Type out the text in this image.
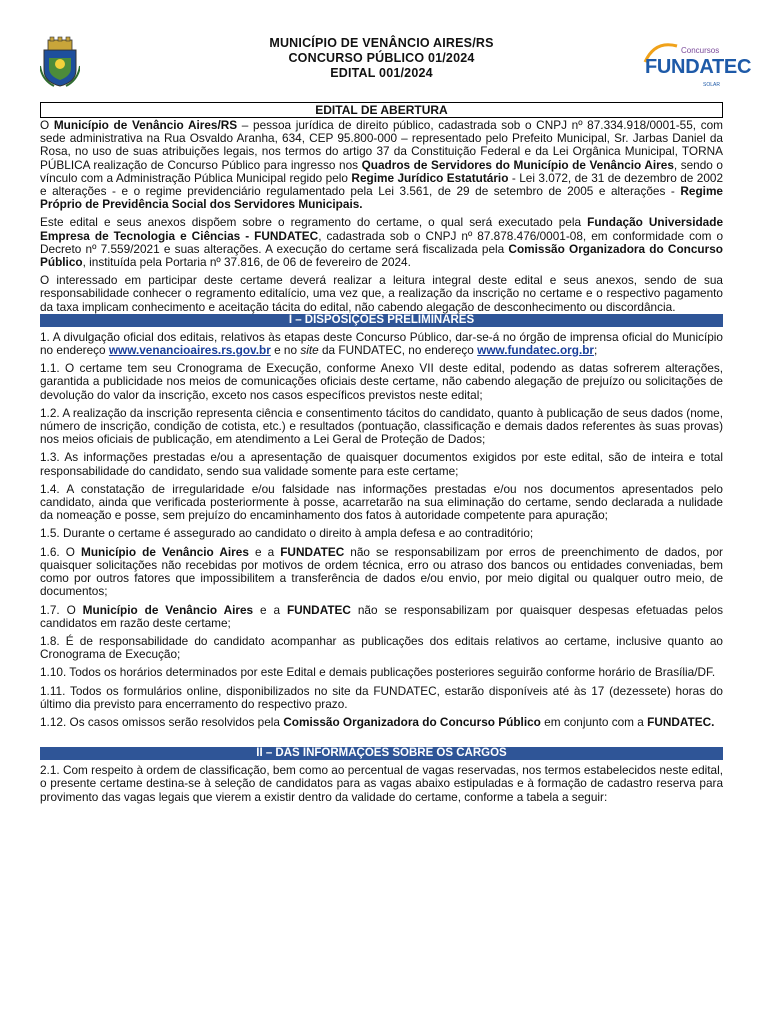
MUNICÍPIO DE VENÂNCIO AIRES/RS
CONCURSO PÚBLICO 01/2024
EDITAL 001/2024
Concursos
FUNDATEC
SOLAR
EDITAL DE ABERTURA

O Município de Venâncio Aires/RS – pessoa jurídica de direito público, cadastrada sob o CNPJ nº 87.334.918/0001-55, com sede administrativa na Rua Osvaldo Aranha, 634, CEP 95.800-000 – representado pelo Prefeito Municipal, Sr. Jarbas Daniel da Rosa, no uso de suas atribuições legais, nos termos do artigo 37 da Constituição Federal e da Lei Orgânica Municipal, TORNA PÚBLICA realização de Concurso Público para ingresso nos Quadros de Servidores do Município de Venâncio Aires, sendo o vínculo com a Administração Pública Municipal regido pelo Regime Jurídico Estatutário - Lei 3.072, de 31 de dezembro de 2002 e alterações - e o regime previdenciário regulamentado pela Lei 3.561, de 29 de setembro de 2005 e alterações - Regime Próprio de Previdência Social dos Servidores Municipais.

Este edital e seus anexos dispõem sobre o regramento do certame, o qual será executado pela Fundação Universidade Empresa de Tecnologia e Ciências - FUNDATEC, cadastrada sob o CNPJ nº 87.878.476/0001-08, em conformidade com o Decreto nº 7.559/2021 e suas alterações. A execução do certame será fiscalizada pela Comissão Organizadora do Concurso Público, instituída pela Portaria nº 37.816, de 06 de fevereiro de 2024.

O interessado em participar deste certame deverá realizar a leitura integral deste edital e seus anexos, sendo de sua responsabilidade conhecer o regramento editalício, uma vez que, a realização da inscrição no certame e o respectivo pagamento da taxa implicam conhecimento e aceitação tácita do edital, não cabendo alegação de desconhecimento ou discordância.

I – DISPOSIÇÕES PRELIMINARES

1. A divulgação oficial dos editais, relativos às etapas deste Concurso Público, dar-se-á no órgão de imprensa oficial do Município no endereço www.venancioaires.rs.gov.br e no site da FUNDATEC, no endereço www.fundatec.org.br;

1.1. O certame tem seu Cronograma de Execução, conforme Anexo VII deste edital, podendo as datas sofrerem alterações, garantida a publicidade nos meios de comunicações oficiais deste certame, não cabendo alegação de prejuízo ou solicitações de devolução do valor da inscrição, exceto nos casos específicos previstos neste edital;

1.2. A realização da inscrição representa ciência e consentimento tácitos do candidato, quanto à publicação de seus dados (nome, número de inscrição, condição de cotista, etc.) e resultados (pontuação, classificação e demais dados referentes às suas provas) nos meios oficiais de publicação, em atendimento a Lei Geral de Proteção de Dados;

1.3. As informações prestadas e/ou a apresentação de quaisquer documentos exigidos por este edital, são de inteira e total responsabilidade do candidato, sendo sua validade somente para este certame;

1.4. A constatação de irregularidade e/ou falsidade nas informações prestadas e/ou nos documentos apresentados pelo candidato, ainda que verificada posteriormente à posse, acarretarão na sua eliminação do certame, sendo declarada a nulidade da nomeação e posse, sem prejuízo do encaminhamento dos fatos à autoridade competente para apuração;

1.5. Durante o certame é assegurado ao candidato o direito à ampla defesa e ao contraditório;

1.6. O Município de Venâncio Aires e a FUNDATEC não se responsabilizam por erros de preenchimento de dados, por quaisquer solicitações não recebidas por motivos de ordem técnica, erro ou atraso dos bancos ou entidades conveniadas, bem como por outros fatores que impossibilitem a transferência de dados e/ou envio, por meio digital ou qualquer outro meio, de documentos;

1.7. O Município de Venâncio Aires e a FUNDATEC não se responsabilizam por quaisquer despesas efetuadas pelos candidatos em razão deste certame;

1.8. É de responsabilidade do candidato acompanhar as publicações dos editais relativos ao certame, inclusive quanto ao Cronograma de Execução;

1.10. Todos os horários determinados por este Edital e demais publicações posteriores seguirão conforme horário de Brasília/DF.

1.11. Todos os formulários online, disponibilizados no site da FUNDATEC, estarão disponíveis até às 17 (dezessete) horas do último dia previsto para encerramento do respectivo prazo.

1.12. Os casos omissos serão resolvidos pela Comissão Organizadora do Concurso Público em conjunto com a FUNDATEC.

II – DAS INFORMAÇÕES SOBRE OS CARGOS

2.1. Com respeito à ordem de classificação, bem como ao percentual de vagas reservadas, nos termos estabelecidos neste edital, o presente certame destina-se à seleção de candidatos para as vagas abaixo estipuladas e à formação de cadastro reserva para provimento das vagas legais que vierem a existir dentro da validade do certame, conforme a tabela a seguir:
